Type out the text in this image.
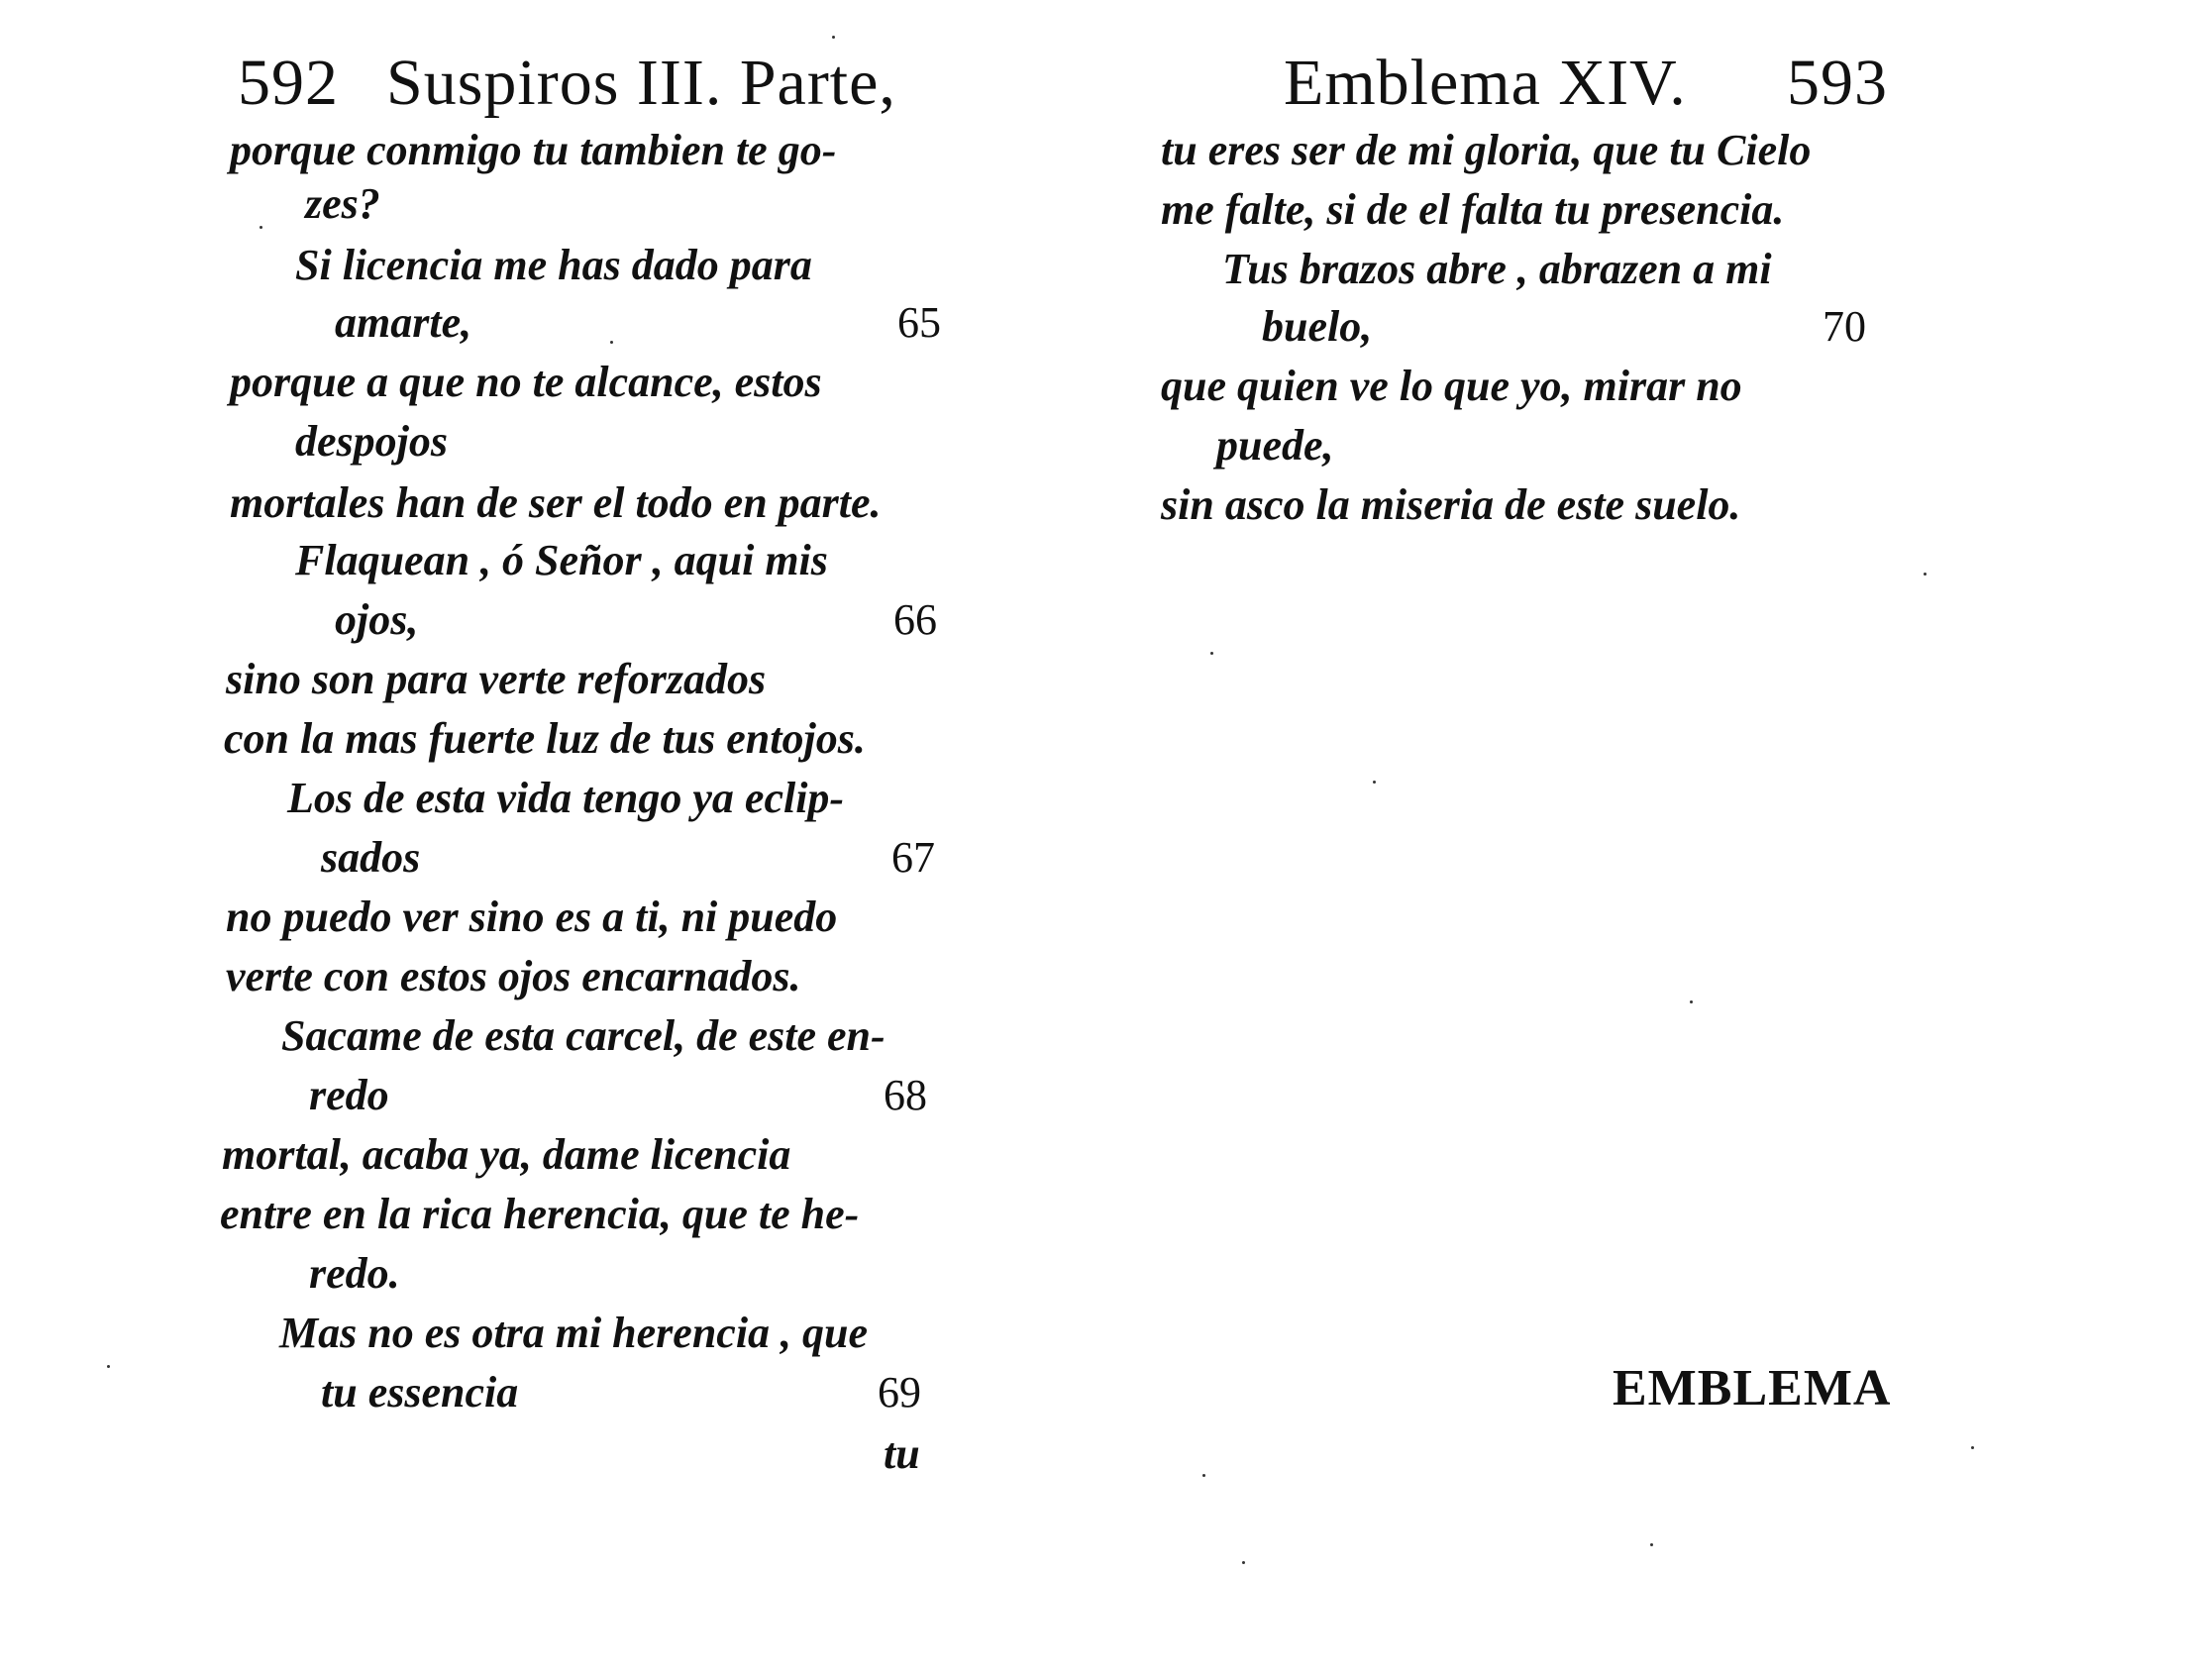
592 Suspiros III. Parte,
porque conmigo tu tambien te go-
zes?
Si licencia me has dado para
amarte,	65
porque a que no te alcance, estos
despojos
mortales han de ser el todo en parte.
Flaquean , ó Señor , aqui mis
ojos,	66
sino son para verte reforzados
con la mas fuerte luz de tus entojos.
Los de esta vida tengo ya eclip-
sados	67
no puedo ver sino es a ti, ni puedo
verte con estos ojos encarnados.
Sacame de esta carcel, de este en-
redo	68
mortal, acaba ya, dame licencia
entre en la rica herencia, que te he-
redo.
Mas no es otra mi herencia , que
tu essencia	69
tu
Emblema XIV. 593
tu eres ser de mi gloria, que tu Cielo
me falte, si de el falta tu presencia.
Tus brazos abre , abrazen a mi
buelo,	70
que quien ve lo que yo, mirar no
puede,
sin asco la miseria de este suelo.
EMBLEMA
